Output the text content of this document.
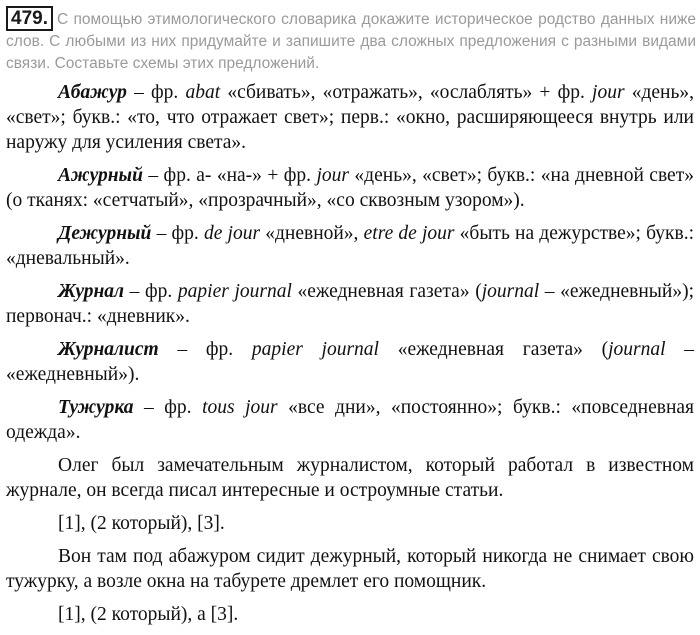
479. С помощью этимологического словарика докажите историческое родство данных ниже слов. С любыми из них придумайте и запишите два сложных предложения с разными видами связи. Составьте схемы этих предложений.

Абажур – фр. abat «сбивать», «отражать», «ослаблять» + фр. jour «день», «свет»; букв.: «то, что отражает свет»; перв.: «окно, расширяющееся внутрь или наружу для усиления света».

Ажурный – фр. а- «на-» + фр. jour «день», «свет»; букв.: «на дневной свет» (о тканях: «сетчатый», «прозрачный», «со сквозным узором»).

Дежурный – фр. de jour «дневной», etre de jour «быть на дежурстве»; букв.: «дневальный».

Журнал – фр. papier journal «ежедневная газета» (journal – «ежедневный»); первонач.: «дневник».

Журналист – фр. papier journal «ежедневная газета» (journal – «ежедневный»).

Тужурка – фр. tous jour «все дни», «постоянно»; букв.: «повседневная одежда».

Олег был замечательным журналистом, который работал в известном журнале, он всегда писал интересные и остроумные статьи.

[1], (2 который), [3].

Вон там под абажуром сидит дежурный, который никогда не снимает свою тужурку, а возле окна на табурете дремлет его помощник.

[1], (2 который), а [3].
